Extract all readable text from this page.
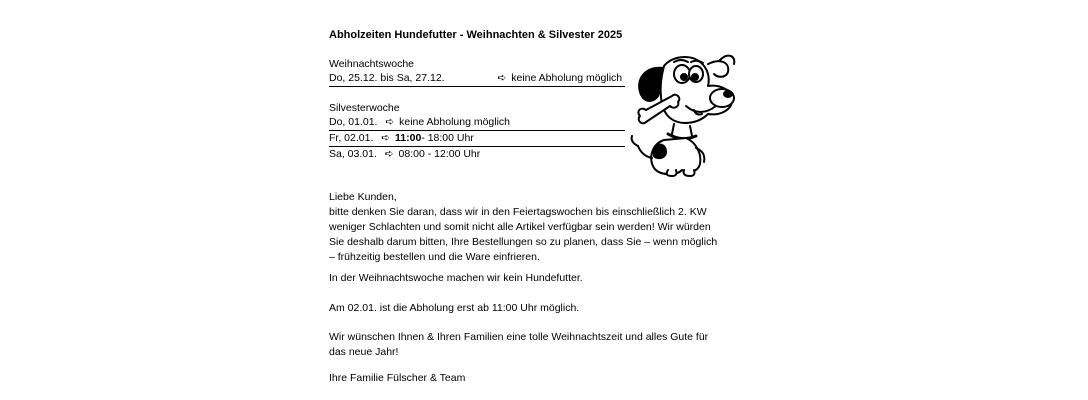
Abholzeiten Hundefutter - Weihnachten & Silvester 2025
Weihnachtswoche
Do, 25.12. bis Sa, 27.12.	➪ keine Abholung möglich
Silvesterwoche
Do, 01.01. ➪ keine Abholung möglich
Fr, 02.01. ➪ 11:00- 18:00 Uhr
Sa, 03.01. ➪ 08:00 - 12:00 Uhr
Liebe Kunden,
bitte denken Sie daran, dass wir in den Feiertagswochen bis einschließlich 2. KW
weniger Schlachten und somit nicht alle Artikel verfügbar sein werden! Wir würden
Sie deshalb darum bitten, Ihre Bestellungen so zu planen, dass Sie – wenn möglich
– frühzeitig bestellen und die Ware einfrieren.
In der Weihnachtswoche machen wir kein Hundefutter.
Am 02.01. ist die Abholung erst ab 11:00 Uhr möglich.
Wir wünschen Ihnen & Ihren Familien eine tolle Weihnachtszeit und alles Gute für
das neue Jahr!
Ihre Familie Fülscher & Team
